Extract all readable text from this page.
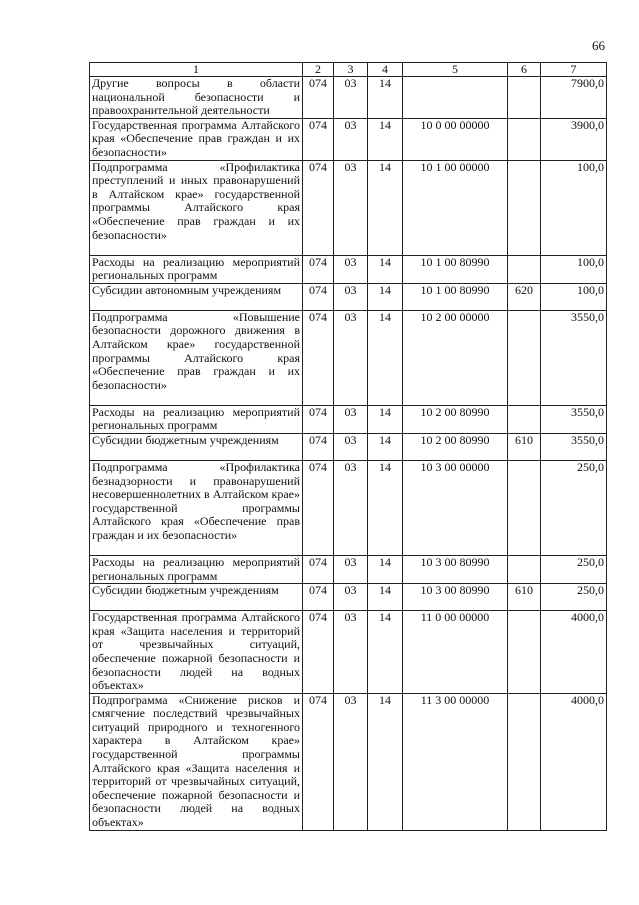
66
1	2	3	4	5	6	7
Другие вопросы в области национальной безопасности и правоохранительной деятельности	074	03	14			7900,0
Государственная программа Алтайского края «Обеспечение прав граждан и их безопасности»	074	03	14	10 0 00 00000		3900,0
Подпрограмма «Профилактика преступлений и иных правонарушений в Алтайском крае» государственной программы Алтайского края «Обеспечение прав граждан и их безопасности»	074	03	14	10 1 00 00000		100,0
Расходы на реализацию мероприятий региональных программ	074	03	14	10 1 00 80990		100,0
Субсидии автономным учреждениям	074	03	14	10 1 00 80990	620	100,0
Подпрограмма «Повышение безопасности дорожного движения в Алтайском крае» государственной программы Алтайского края «Обеспечение прав граждан и их безопасности»	074	03	14	10 2 00 00000		3550,0
Расходы на реализацию мероприятий региональных программ	074	03	14	10 2 00 80990		3550,0
Субсидии бюджетным учреждениям	074	03	14	10 2 00 80990	610	3550,0
Подпрограмма «Профилактика безнадзорности и правонарушений несовершеннолетних в Алтайском крае» государственной программы Алтайского края «Обеспечение прав граждан и их безопасности»	074	03	14	10 3 00 00000		250,0
Расходы на реализацию мероприятий региональных программ	074	03	14	10 3 00 80990		250,0
Субсидии бюджетным учреждениям	074	03	14	10 3 00 80990	610	250,0
Государственная программа Алтайского края «Защита населения и территорий от чрезвычайных ситуаций, обеспечение пожарной безопасности и безопасности людей на водных объектах»	074	03	14	11 0 00 00000		4000,0
Подпрограмма «Снижение рисков и смягчение последствий чрезвычайных ситуаций природного и техногенного характера в Алтайском крае» государственной программы Алтайского края «Защита населения и территорий от чрезвычайных ситуаций, обеспечение пожарной безопасности и безопасности людей на водных объектах»	074	03	14	11 3 00 00000		4000,0
